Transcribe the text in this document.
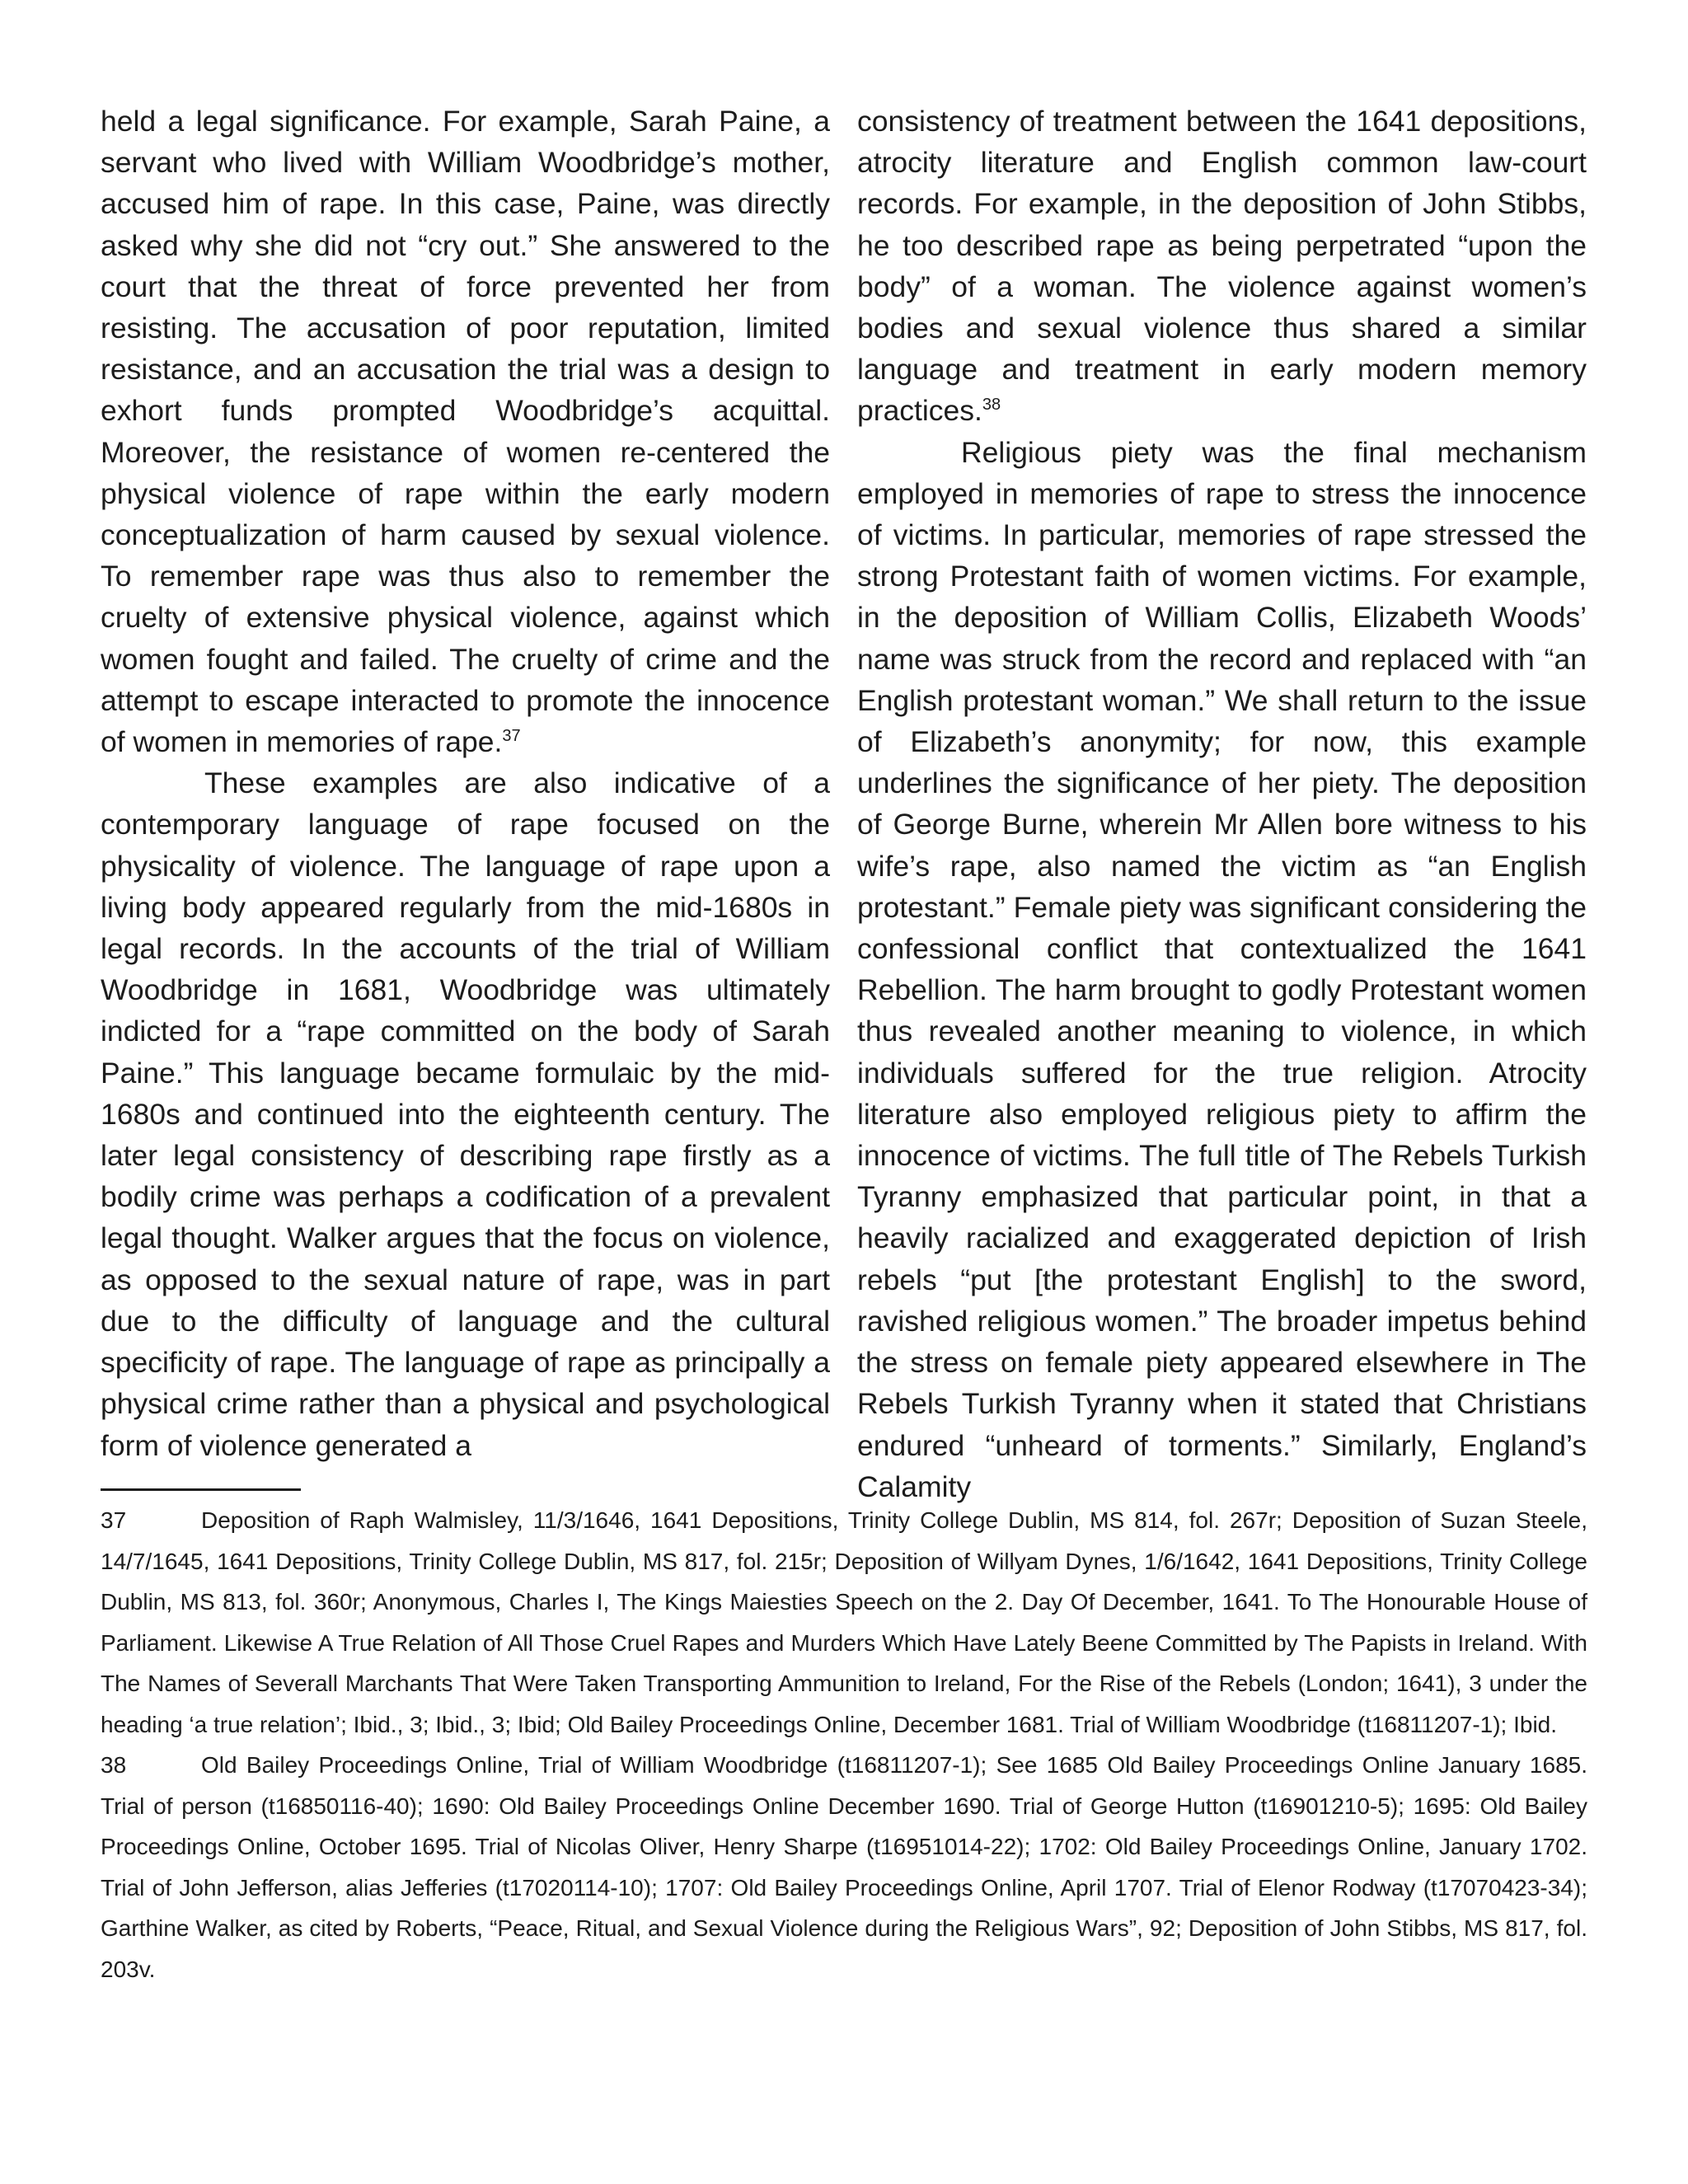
held a legal significance. For example, Sarah Paine, a servant who lived with William Woodbridge’s mother, accused him of rape. In this case, Paine, was directly asked why she did not “cry out.” She answered to the court that the threat of force prevented her from resisting. The accusation of poor reputation, limited resistance, and an accusation the trial was a design to exhort funds prompted Woodbridge’s acquittal. Moreover, the resistance of women re-centered the physical violence of rape within the early modern conceptualization of harm caused by sexual violence. To remember rape was thus also to remember the cruelty of extensive physical violence, against which women fought and failed. The cruelty of crime and the attempt to escape interacted to promote the innocence of women in memories of rape.$^{37}$

These examples are also indicative of a contemporary language of rape focused on the physicality of violence. The language of rape upon a living body appeared regularly from the mid-1680s in legal records. In the accounts of the trial of William Woodbridge in 1681, Woodbridge was ultimately indicted for a “rape committed on the body of Sarah Paine.” This language became formulaic by the mid-1680s and continued into the eighteenth century. The later legal consistency of describing rape firstly as a bodily crime was perhaps a codification of a prevalent legal thought. Walker argues that the focus on violence, as opposed to the sexual nature of rape, was in part due to the difficulty of language and the cultural specificity of rape. The language of rape as principally a physical crime rather than a physical and psychological form of violence generated a

consistency of treatment between the 1641 depositions, atrocity literature and English common law-court records. For example, in the deposition of John Stibbs, he too described rape as being perpetrated “upon the body” of a woman. The violence against women’s bodies and sexual violence thus shared a similar language and treatment in early modern memory practices.$^{38}$

Religious piety was the final mechanism employed in memories of rape to stress the innocence of victims. In particular, memories of rape stressed the strong Protestant faith of women victims. For example, in the deposition of William Collis, Elizabeth Woods’ name was struck from the record and replaced with “an English protestant woman.” We shall return to the issue of Elizabeth’s anonymity; for now, this example underlines the significance of her piety. The deposition of George Burne, wherein Mr Allen bore witness to his wife’s rape, also named the victim as “an English protestant.” Female piety was significant considering the confessional conflict that contextualized the 1641 Rebellion. The harm brought to godly Protestant women thus revealed another meaning to violence, in which individuals suffered for the true religion. Atrocity literature also employed religious piety to affirm the innocence of victims. The full title of The Rebels Turkish Tyranny emphasized that particular point, in that a heavily racialized and exaggerated depiction of Irish rebels “put [the protestant English] to the sword, ravished religious women.” The broader impetus behind the stress on female piety appeared elsewhere in The Rebels Turkish Tyranny when it stated that Christians endured “unheard of torments.” Similarly, England’s Calamity

37	Deposition of Raph Walmisley, 11/3/1646, 1641 Depositions, Trinity College Dublin, MS 814, fol. 267r; Deposition of Suzan Steele, 14/7/1645, 1641 Depositions, Trinity College Dublin, MS 817, fol. 215r; Deposition of Willyam Dynes, 1/6/1642, 1641 Depositions, Trinity College Dublin, MS 813, fol. 360r; Anonymous, Charles I, The Kings Maiesties Speech on the 2. Day Of December, 1641. To The Honourable House of Parliament. Likewise A True Relation of All Those Cruel Rapes and Murders Which Have Lately Beene Committed by The Papists in Ireland. With The Names of Severall Marchants That Were Taken Transporting Ammunition to Ireland, For the Rise of the Rebels (London; 1641), 3 under the heading ‘a true relation’; Ibid., 3; Ibid., 3; Ibid; Old Bailey Proceedings Online, December 1681. Trial of William Woodbridge (t16811207-1); Ibid.

38	Old Bailey Proceedings Online, Trial of William Woodbridge (t16811207-1); See 1685 Old Bailey Proceedings Online January 1685. Trial of person (t16850116-40); 1690: Old Bailey Proceedings Online December 1690. Trial of George Hutton (t16901210-5); 1695: Old Bailey Proceedings Online, October 1695. Trial of Nicolas Oliver, Henry Sharpe (t16951014-22); 1702: Old Bailey Proceedings Online, January 1702. Trial of John Jefferson, alias Jefferies (t17020114-10); 1707: Old Bailey Proceedings Online, April 1707. Trial of Elenor Rodway (t17070423-34); Garthine Walker, as cited by Roberts, “Peace, Ritual, and Sexual Violence during the Religious Wars”, 92; Deposition of John Stibbs, MS 817, fol. 203v.
